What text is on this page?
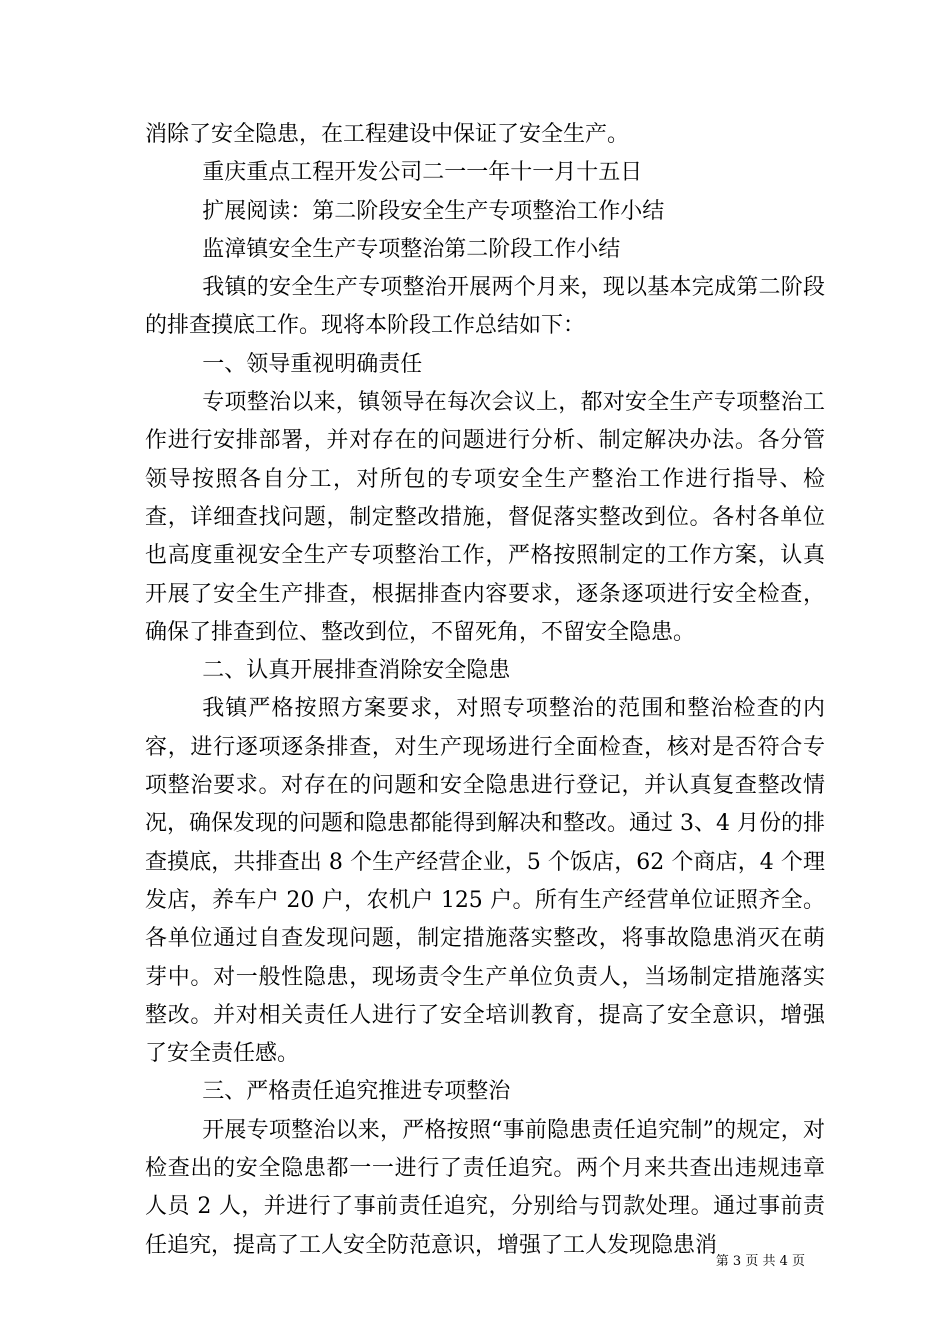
消除了安全隐患，在工程建设中保证了安全生产。

重庆重点工程开发公司二一一年十一月十五日

扩展阅读：第二阶段安全生产专项整治工作小结

监漳镇安全生产专项整治第二阶段工作小结

我镇的安全生产专项整治开展两个月来，现以基本完成第二阶段的排查摸底工作。现将本阶段工作总结如下：

一、领导重视明确责任

专项整治以来，镇领导在每次会议上，都对安全生产专项整治工作进行安排部署，并对存在的问题进行分析、制定解决办法。各分管领导按照各自分工，对所包的专项安全生产整治工作进行指导、检查，详细查找问题，制定整改措施，督促落实整改到位。各村各单位也高度重视安全生产专项整治工作，严格按照制定的工作方案，认真开展了安全生产排查，根据排查内容要求，逐条逐项进行安全检查，确保了排查到位、整改到位，不留死角，不留安全隐患。

二、认真开展排查消除安全隐患

我镇严格按照方案要求，对照专项整治的范围和整治检查的内容，进行逐项逐条排查，对生产现场进行全面检查，核对是否符合专项整治要求。对存在的问题和安全隐患进行登记，并认真复查整改情况，确保发现的问题和隐患都能得到解决和整改。通过 3、4 月份的排查摸底，共排查出 8 个生产经营企业，5 个饭店，62 个商店，4 个理发店，养车户 20 户，农机户 125 户。所有生产经营单位证照齐全。各单位通过自查发现问题，制定措施落实整改，将事故隐患消灭在萌芽中。对一般性隐患，现场责令生产单位负责人，当场制定措施落实整改。并对相关责任人进行了安全培训教育，提高了安全意识，增强了安全责任感。

三、严格责任追究推进专项整治

开展专项整治以来，严格按照“事前隐患责任追究制”的规定，对检查出的安全隐患都一一进行了责任追究。两个月来共查出违规违章人员 2 人，并进行了事前责任追究，分别给与罚款处理。通过事前责任追究，提高了工人安全防范意识，增强了工人发现隐患消

第 3 页 共 4 页
